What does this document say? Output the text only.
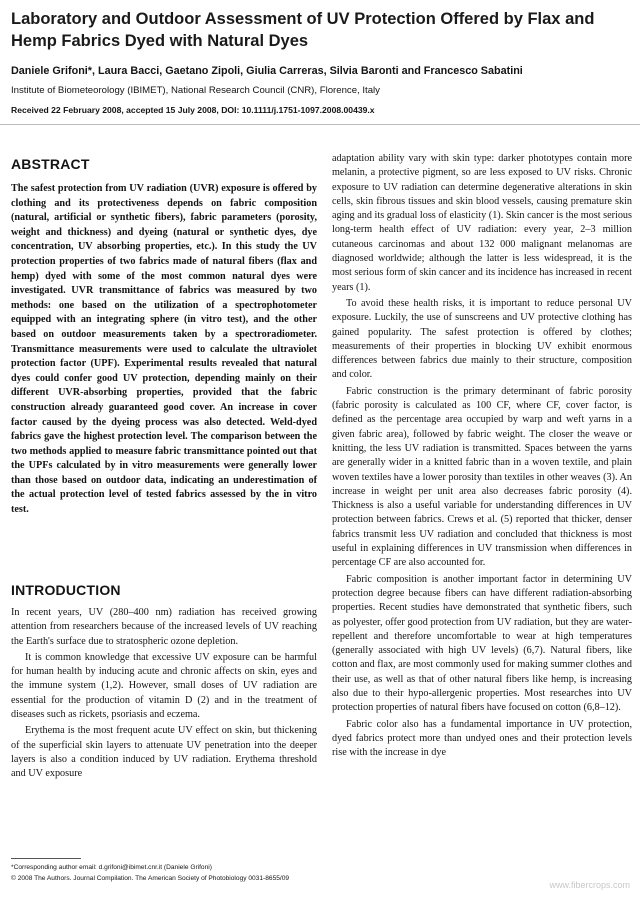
Laboratory and Outdoor Assessment of UV Protection Offered by Flax and Hemp Fabrics Dyed with Natural Dyes
Daniele Grifoni*, Laura Bacci, Gaetano Zipoli, Giulia Carreras, Silvia Baronti and Francesco Sabatini
Institute of Biometeorology (IBIMET), National Research Council (CNR), Florence, Italy
Received 22 February 2008, accepted 15 July 2008, DOI: 10.1111/j.1751-1097.2008.00439.x
ABSTRACT

The safest protection from UV radiation (UVR) exposure is offered by clothing and its protectiveness depends on fabric composition (natural, artificial or synthetic fibers), fabric parameters (porosity, weight and thickness) and dyeing (natural or synthetic dyes, dye concentration, UV absorbing properties, etc.). In this study the UV protection properties of two fabrics made of natural fibers (flax and hemp) dyed with some of the most common natural dyes were investigated. UVR transmittance of fabrics was measured by two methods: one based on the utilization of a spectrophotometer equipped with an integrating sphere (in vitro test), and the other based on outdoor measurements taken by a spectroradiometer. Transmittance measurements were used to calculate the ultraviolet protection factor (UPF). Experimental results revealed that natural dyes could confer good UV protection, depending mainly on their different UVR-absorbing properties, provided that the fabric construction already guaranteed good cover. An increase in cover factor caused by the dyeing process was also detected. Weld-dyed fabrics gave the highest protection level. The comparison between the two methods applied to measure fabric transmittance pointed out that the UPFs calculated by in vitro measurements were generally lower than those based on outdoor data, indicating an underestimation of the actual protection level of tested fabrics assessed by the in vitro test.

INTRODUCTION

In recent years, UV (280–400 nm) radiation has received growing attention from researchers because of the increased levels of UV reaching the Earth's surface due to stratospheric ozone depletion.

It is common knowledge that excessive UV exposure can be harmful for human health by inducing acute and chronic affects on skin, eyes and the immune system (1,2). However, small doses of UV radiation are essential for the production of vitamin D (2) and in the treatment of diseases such as rickets, psoriasis and eczema.

Erythema is the most frequent acute UV effect on skin, but thickening of the superficial skin layers to attenuate UV penetration into the deeper layers is also a condition induced by UV radiation. Erythema threshold and UV exposure

adaptation ability vary with skin type: darker phototypes contain more melanin, a protective pigment, so are less exposed to UV risks. Chronic exposure to UV radiation can determine degenerative alterations in skin cells, skin fibrous tissues and skin blood vessels, causing premature skin aging and its gradual loss of elasticity (1). Skin cancer is the most serious long-term health effect of UV radiation: every year, 2–3 million cutaneous carcinomas and about 132 000 malignant melanomas are diagnosed worldwide; although the latter is less widespread, it is the most serious form of skin cancer and its incidence has increased in recent years (1).

To avoid these health risks, it is important to reduce personal UV exposure. Luckily, the use of sunscreens and UV protective clothing has gained popularity. The safest protection is offered by clothes; measurements of their properties in blocking UV exhibit enormous differences between fabrics due mainly to their structure, composition and color.

Fabric construction is the primary determinant of fabric porosity (fabric porosity is calculated as 100 CF, where CF, cover factor, is defined as the percentage area occupied by warp and weft yarns in a given fabric area), followed by fabric weight. The closer the weave or knitting, the less UV radiation is transmitted. Spaces between the yarns are generally wider in a knitted fabric than in a woven textile, and plain woven textiles have a lower porosity than textiles in other weaves (3). An increase in weight per unit area also decreases fabric porosity (4). Thickness is also a useful variable for understanding differences in UV protection between fabrics. Crews et al. (5) reported that thicker, denser fabrics transmit less UV radiation and concluded that thickness is most useful in explaining differences in UV transmission when differences in percentage CF are also accounted for.

Fabric composition is another important factor in determining UV protection degree because fibers can have different radiation-absorbing properties. Recent studies have demonstrated that synthetic fibers, such as polyester, offer good protection from UV radiation, but they are water-repellent and therefore uncomfortable to wear at high temperatures (generally associated with high UV levels) (6,7). Natural fibers, like cotton and flax, are most commonly used for making summer clothes and their use, as well as that of other natural fibers like hemp, is increasing also due to their hypo-allergenic properties. Most researches into UV protection properties of natural fibers have focused on cotton (6,8–12).

Fabric color also has a fundamental importance in UV protection, dyed fabrics protect more than undyed ones and their protection levels rise with the increase in dye

*Corresponding author email: d.grifoni@ibimet.cnr.it (Daniele Grifoni)
© 2008 The Authors. Journal Compilation. The American Society of Photobiology 0031-8655/09
www.fibercrops.com
